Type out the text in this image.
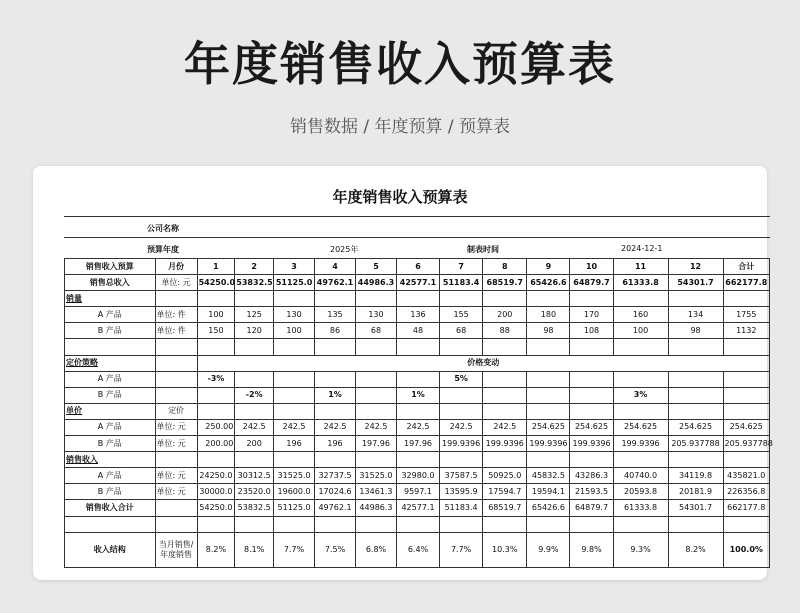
年度销售收入预算表
销售数据 / 年度预算 / 预算表
年度销售收入预算表
公司名称
预算年度	2025年	制表时间	2024-12-1
销售收入预算	月份	1	2	3	4	5	6	7	8	9	10	11	12	合计
销售总收入	单位: 元	54250.0	53832.5	51125.0	49762.1	44986.3	42577.1	51183.4	68519.7	65426.6	64879.7	61333.8	54301.7	662177.8
销量														
A 产品	单位: 件	100	125	130	135	130	136	155	200	180	170	160	134	1755
B 产品	单位: 件	150	120	100	86	68	48	68	88	98	108	100	98	1132

定价策略		价格变动												
A 产品		-3%						5%						
B 产品			-2%		1%		1%					3%		
单价	定价													
A 产品	单位: 元	250.00	242.5	242.5	242.5	242.5	242.5	242.5	242.5	254.625	254.625	254.625	254.625	254.625
B 产品	单位: 元	200.00	200	196	196	197.96	197.96	199.9396	199.9396	199.9396	199.9396	199.9396	205.937788	205.937788
销售收入														
A 产品	单位: 元	24250.0	30312.5	31525.0	32737.5	31525.0	32980.0	37587.5	50925.0	45832.5	43286.3	40740.0	34119.8	435821.0
B 产品	单位: 元	30000.0	23520.0	19600.0	17024.6	13461.3	9597.1	13595.9	17594.7	19594.1	21593.5	20593.8	20181.9	226356.8
销售收入合计		54250.0	53832.5	51125.0	49762.1	44986.3	42577.1	51183.4	68519.7	65426.6	64879.7	61333.8	54301.7	662177.8

收入结构	当月销售/年度销售	8.2%	8.1%	7.7%	7.5%	6.8%	6.4%	7.7%	10.3%	9.9%	9.8%	9.3%	8.2%	100.0%
